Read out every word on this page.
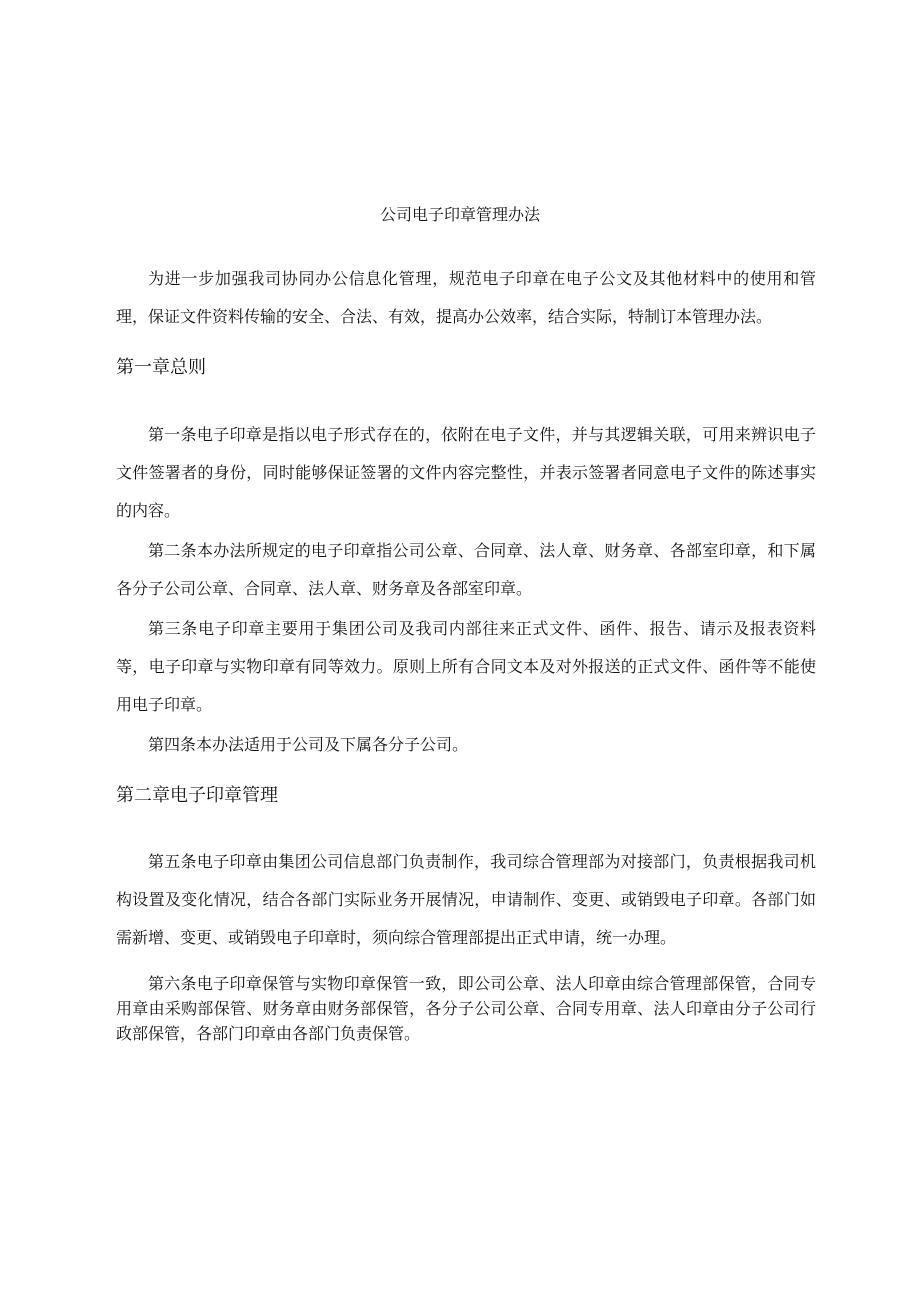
公司电子印章管理办法

为进一步加强我司协同办公信息化管理，规范电子印章在电子公文及其他材料中的使用和管理，保证文件资料传输的安全、合法、有效，提高办公效率，结合实际，特制订本管理办法。

第一章总则

第一条电子印章是指以电子形式存在的，依附在电子文件，并与其逻辑关联，可用来辨识电子文件签署者的身份，同时能够保证签署的文件内容完整性，并表示签署者同意电子文件的陈述事实的内容。

第二条本办法所规定的电子印章指公司公章、合同章、法人章、财务章、各部室印章，和下属各分子公司公章、合同章、法人章、财务章及各部室印章。

第三条电子印章主要用于集团公司及我司内部往来正式文件、函件、报告、请示及报表资料等，电子印章与实物印章有同等效力。原则上所有合同文本及对外报送的正式文件、函件等不能使用电子印章。

第四条本办法适用于公司及下属各分子公司。

第二章电子印章管理

第五条电子印章由集团公司信息部门负责制作，我司综合管理部为对接部门，负责根据我司机构设置及变化情况，结合各部门实际业务开展情况，申请制作、变更、或销毁电子印章。各部门如需新增、变更、或销毁电子印章时，须向综合管理部提出正式申请，统一办理。

第六条电子印章保管与实物印章保管一致，即公司公章、法人印章由综合管理部保管，合同专用章由采购部保管、财务章由财务部保管，各分子公司公章、合同专用章、法人印章由分子公司行政部保管，各部门印章由各部门负责保管。
